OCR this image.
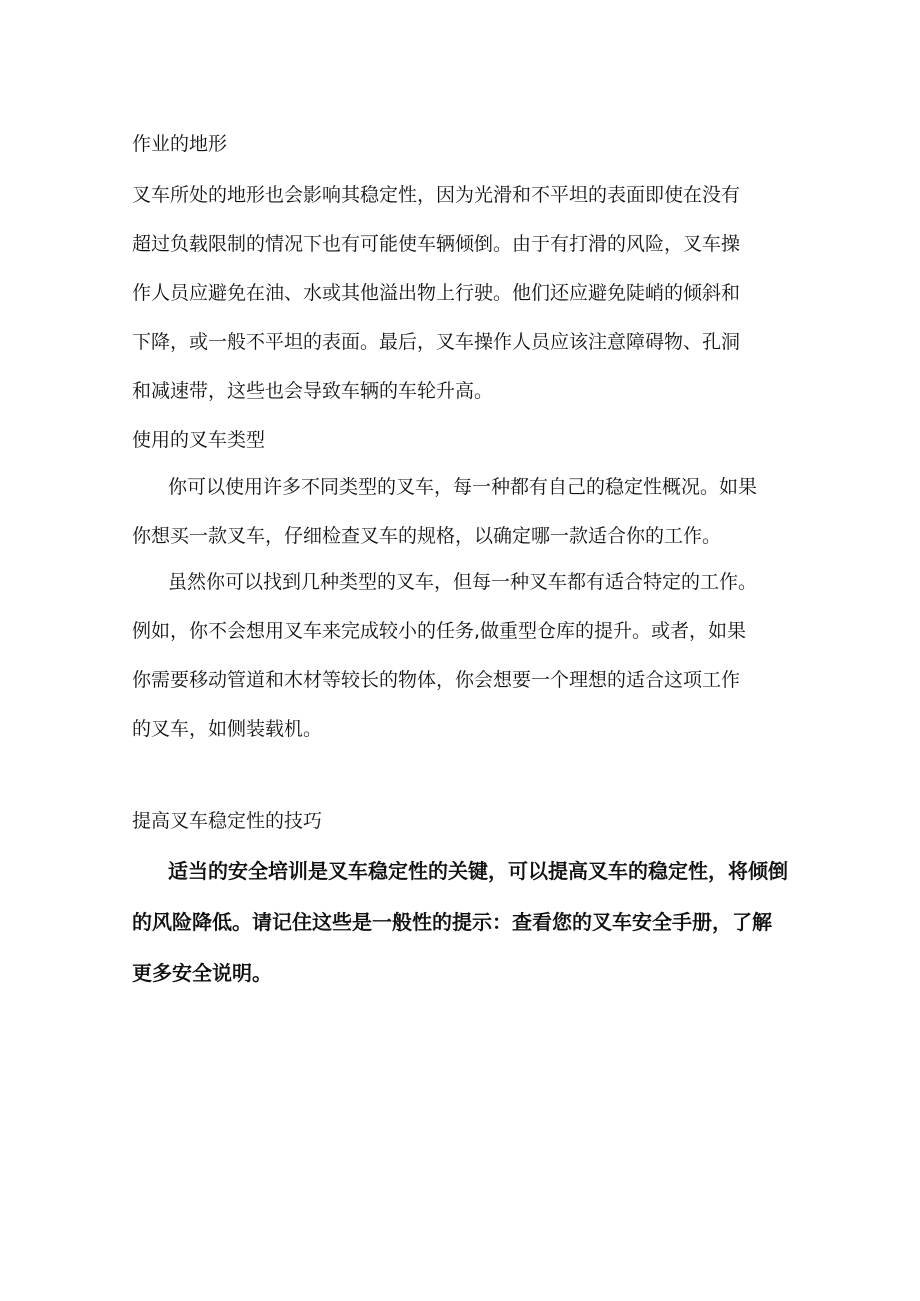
作业的地形
叉车所处的地形也会影响其稳定性，因为光滑和不平坦的表面即使在没有
超过负载限制的情况下也有可能使车辆倾倒。由于有打滑的风险，叉车操
作人员应避免在油、水或其他溢出物上行驶。他们还应避免陡峭的倾斜和
下降，或一般不平坦的表面。最后，叉车操作人员应该注意障碍物、孔洞
和减速带，这些也会导致车辆的车轮升高。
使用的叉车类型
你可以使用许多不同类型的叉车，每一种都有自己的稳定性概况。如果
你想买一款叉车，仔细检查叉车的规格，以确定哪一款适合你的工作。
虽然你可以找到几种类型的叉车，但每一种叉车都有适合特定的工作。
例如，你不会想用叉车来完成较小的任务,做重型仓库的提升。或者，如果
你需要移动管道和木材等较长的物体，你会想要一个理想的适合这项工作
的叉车，如侧装载机。
提高叉车稳定性的技巧
适当的安全培训是叉车稳定性的关键，可以提高叉车的稳定性，将倾倒
的风险降低。请记住这些是一般性的提示：查看您的叉车安全手册，了解
更多安全说明。
